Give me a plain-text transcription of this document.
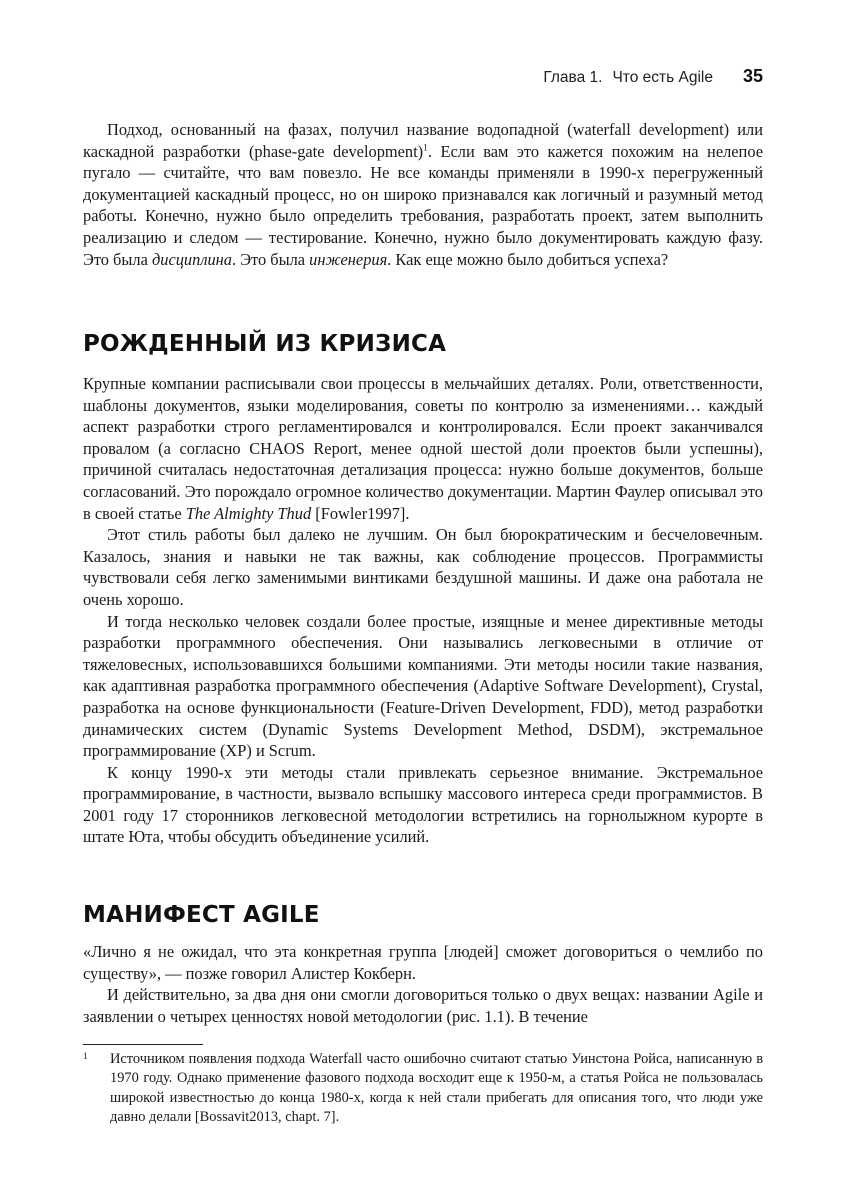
Глава 1. Что есть Agile 35

Подход, основанный на фазах, получил название водопадной (waterfall development) или каскадной разработки (phase-gate development)$^1$. Если вам это кажется похожим на нелепое пугало — считайте, что вам повезло. Не все команды применяли в 1990-х перегруженный документацией каскадный процесс, но он широко признавался как логичный и разумный метод работы. Конечно, нужно было определить требования, разработать проект, затем выполнить реализацию и следом — тестирование. Конечно, нужно было документировать каждую фазу. Это была дисциплина. Это была инженерия. Как еще можно было добиться успеха?

РОЖДЕННЫЙ ИЗ КРИЗИСА

Крупные компании расписывали свои процессы в мельчайших деталях. Роли, ответственности, шаблоны документов, языки моделирования, советы по контролю за изменениями… каждый аспект разработки строго регламентировался и контролировался. Если проект заканчивался провалом (а согласно CHAOS Report, менее одной шестой доли проектов были успешны), причиной считалась недостаточная детализация процесса: нужно больше документов, больше согласований. Это порождало огромное количество документации. Мартин Фаулер описывал это в своей статье The Almighty Thud [Fowler1997].

Этот стиль работы был далеко не лучшим. Он был бюрократическим и бесчеловечным. Казалось, знания и навыки не так важны, как соблюдение процессов. Программисты чувствовали себя легко заменимыми винтиками бездушной машины. И даже она работала не очень хорошо.

И тогда несколько человек создали более простые, изящные и менее директивные методы разработки программного обеспечения. Они назывались легковесными в отличие от тяжеловесных, использовавшихся большими компаниями. Эти методы носили такие названия, как адаптивная разработка программного обеспечения (Adaptive Software Development), Crystal, разработка на основе функциональности (Feature-Driven Development, FDD), метод разработки динамических систем (Dynamic Systems Development Method, DSDM), экстремальное программирование (XP) и Scrum.

К концу 1990-х эти методы стали привлекать серьезное внимание. Экстремальное программирование, в частности, вызвало вспышку массового интереса среди программистов. В 2001 году 17 сторонников легковесной методологии встретились на горнолыжном курорте в штате Юта, чтобы обсудить объединение усилий.

МАНИФЕСТ AGILE

«Лично я не ожидал, что эта конкретная группа [людей] сможет договориться о чемлибо по существу», — позже говорил Алистер Кокберн.

И действительно, за два дня они смогли договориться только о двух вещах: названии Agile и заявлении о четырех ценностях новой методологии (рис. 1.1). В течение

1	Источником появления подхода Waterfall часто ошибочно считают статью Уинстона Ройса, написанную в 1970 году. Однако применение фазового подхода восходит еще к 1950-м, а статья Ройса не пользовалась широкой известностью до конца 1980-х, когда к ней стали прибегать для описания того, что люди уже давно делали [Bossavit2013, chapt. 7].
